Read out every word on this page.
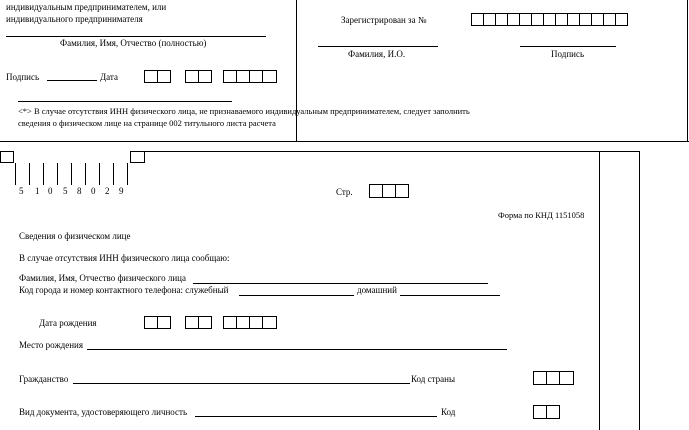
индивидуальным предпринимателем, или
индивидуального предпринимателя
Фамилия, Имя, Отчество (полностью)
Подпись	Дата
Зарегистрирован за №
Фамилия, И.О.	Подпись
<*> В случае отсутствия ИНН физического лица, не признаваемого индивидуальным предпринимателем, следует заполнить
сведения о физическом лице на странице 002 титульного листа расчета
5 1 0 5 8 0 2 9	Стр.
Форма по КНД 1151058
Сведения о физическом лице
В случае отсутствия ИНН физического лица сообщаю:
Фамилия, Имя, Отчество физического лица
Код города и номер контактного телефона: служебный	домашний
Дата рождения
Место рождения
Гражданство	Код страны
Вид документа, удостоверяющего личность	Код
